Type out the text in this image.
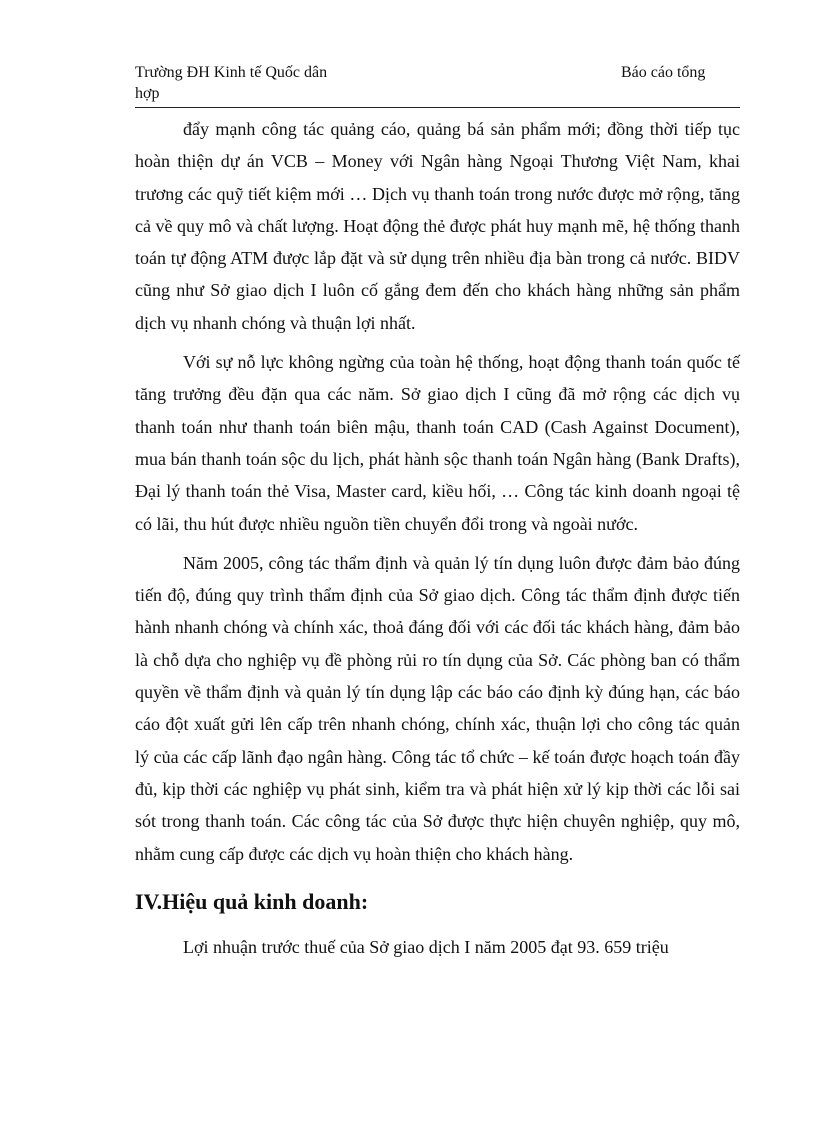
Trường ĐH Kinh tế Quốc dân
hợp
Báo cáo tổng

đẩy mạnh công tác quảng cáo, quảng bá sản phẩm mới; đồng thời tiếp tục hoàn thiện dự án VCB – Money với Ngân hàng Ngoại Thương Việt Nam, khai trương các quỹ tiết kiệm mới … Dịch vụ thanh toán trong nước được mở rộng, tăng cả về quy mô và chất lượng. Hoạt động thẻ được phát huy mạnh mẽ, hệ thống thanh toán tự động ATM được lắp đặt và sử dụng trên nhiều địa bàn trong cả nước. BIDV cũng như Sở giao dịch I luôn cố gắng đem đến cho khách hàng những sản phẩm dịch vụ nhanh chóng và thuận lợi nhất.

Với sự nỗ lực không ngừng của toàn hệ thống, hoạt động thanh toán quốc tế tăng trưởng đều đặn qua các năm. Sở giao dịch I cũng đã mở rộng các dịch vụ thanh toán như thanh toán biên mậu, thanh toán CAD (Cash Against Document), mua bán thanh toán sộc du lịch, phát hành sộc thanh toán Ngân hàng (Bank Drafts), Đại lý thanh toán thẻ Visa, Master card, kiều hối, … Công tác kinh doanh ngoại tệ có lãi, thu hút được nhiều nguồn tiền chuyển đổi trong và ngoài nước.

Năm 2005, công tác thẩm định và quản lý tín dụng luôn được đảm bảo đúng tiến độ, đúng quy trình thẩm định của Sở giao dịch. Công tác thẩm định được tiến hành nhanh chóng và chính xác, thoả đáng đối với các đối tác khách hàng, đảm bảo là chỗ dựa cho nghiệp vụ đề phòng rủi ro tín dụng của Sở. Các phòng ban có thẩm quyền về thẩm định và quản lý tín dụng lập các báo cáo định kỳ đúng hạn, các báo cáo đột xuất gửi lên cấp trên nhanh chóng, chính xác, thuận lợi cho công tác quản lý của các cấp lãnh đạo ngân hàng. Công tác tổ chức – kế toán được hoạch toán đầy đủ, kịp thời các nghiệp vụ phát sinh, kiểm tra và phát hiện xử lý kịp thời các lỗi sai sót trong thanh toán. Các công tác của Sở được thực hiện chuyên nghiệp, quy mô, nhằm cung cấp được các dịch vụ hoàn thiện cho khách hàng.

IV.Hiệu quả kinh doanh:

Lợi nhuận trước thuế của Sở giao dịch I năm 2005 đạt 93. 659 triệu
